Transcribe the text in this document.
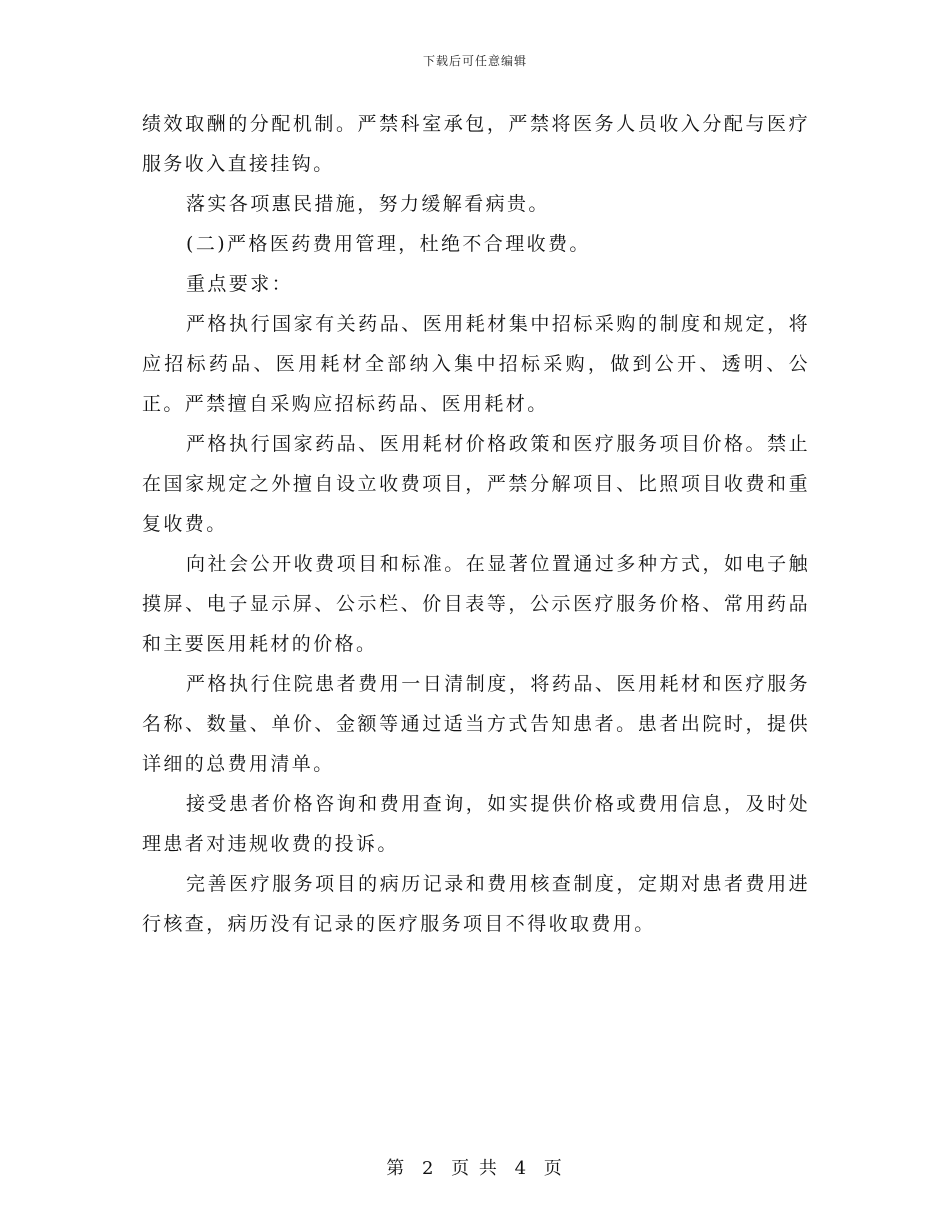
下载后可任意编辑

绩效取酬的分配机制。严禁科室承包，严禁将医务人员收入分配与医疗服务收入直接挂钩。

落实各项惠民措施，努力缓解看病贵。

(二)严格医药费用管理，杜绝不合理收费。

重点要求：

严格执行国家有关药品、医用耗材集中招标采购的制度和规定，将应招标药品、医用耗材全部纳入集中招标采购，做到公开、透明、公正。严禁擅自采购应招标药品、医用耗材。

严格执行国家药品、医用耗材价格政策和医疗服务项目价格。禁止在国家规定之外擅自设立收费项目，严禁分解项目、比照项目收费和重复收费。

向社会公开收费项目和标准。在显著位置通过多种方式，如电子触摸屏、电子显示屏、公示栏、价目表等，公示医疗服务价格、常用药品和主要医用耗材的价格。

严格执行住院患者费用一日清制度，将药品、医用耗材和医疗服务名称、数量、单价、金额等通过适当方式告知患者。患者出院时，提供详细的总费用清单。

接受患者价格咨询和费用查询，如实提供价格或费用信息，及时处理患者对违规收费的投诉。

完善医疗服务项目的病历记录和费用核查制度，定期对患者费用进行核查，病历没有记录的医疗服务项目不得收取费用。

第 2 页 共 4 页
